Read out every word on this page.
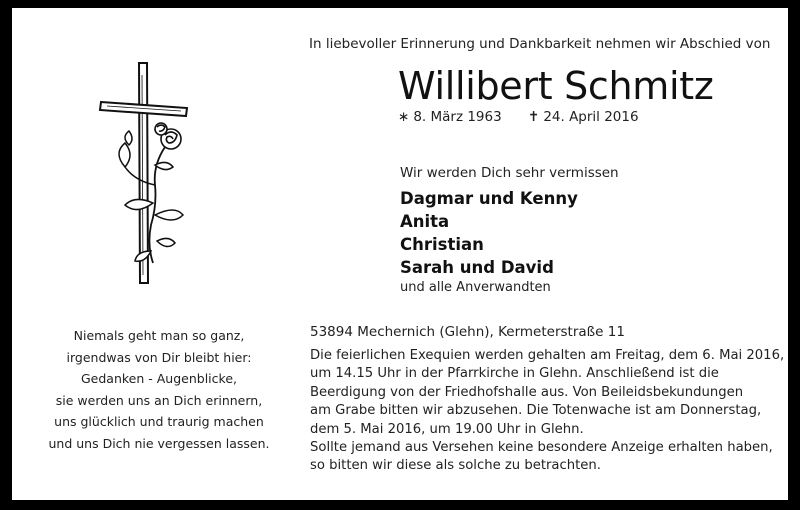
In liebevoller Erinnerung und Dankbarkeit nehmen wir Abschied von
Willibert Schmitz
∗ 8. März 1963 ✝ 24. April 2016
Wir werden Dich sehr vermissen
Dagmar und Kenny
Anita
Christian
Sarah und David
und alle Anverwandten
Niemals geht man so ganz,
irgendwas von Dir bleibt hier:
Gedanken - Augenblicke,
sie werden uns an Dich erinnern,
uns glücklich und traurig machen
und uns Dich nie vergessen lassen.
53894 Mechernich (Glehn), Kermeterstraße 11
Die feierlichen Exequien werden gehalten am Freitag, dem 6. Mai 2016,
um 14.15 Uhr in der Pfarrkirche in Glehn. Anschließend ist die
Beerdigung von der Friedhofshalle aus. Von Beileidsbekundungen
am Grabe bitten wir abzusehen. Die Totenwache ist am Donnerstag,
dem 5. Mai 2016, um 19.00 Uhr in Glehn.
Sollte jemand aus Versehen keine besondere Anzeige erhalten haben,
so bitten wir diese als solche zu betrachten.
